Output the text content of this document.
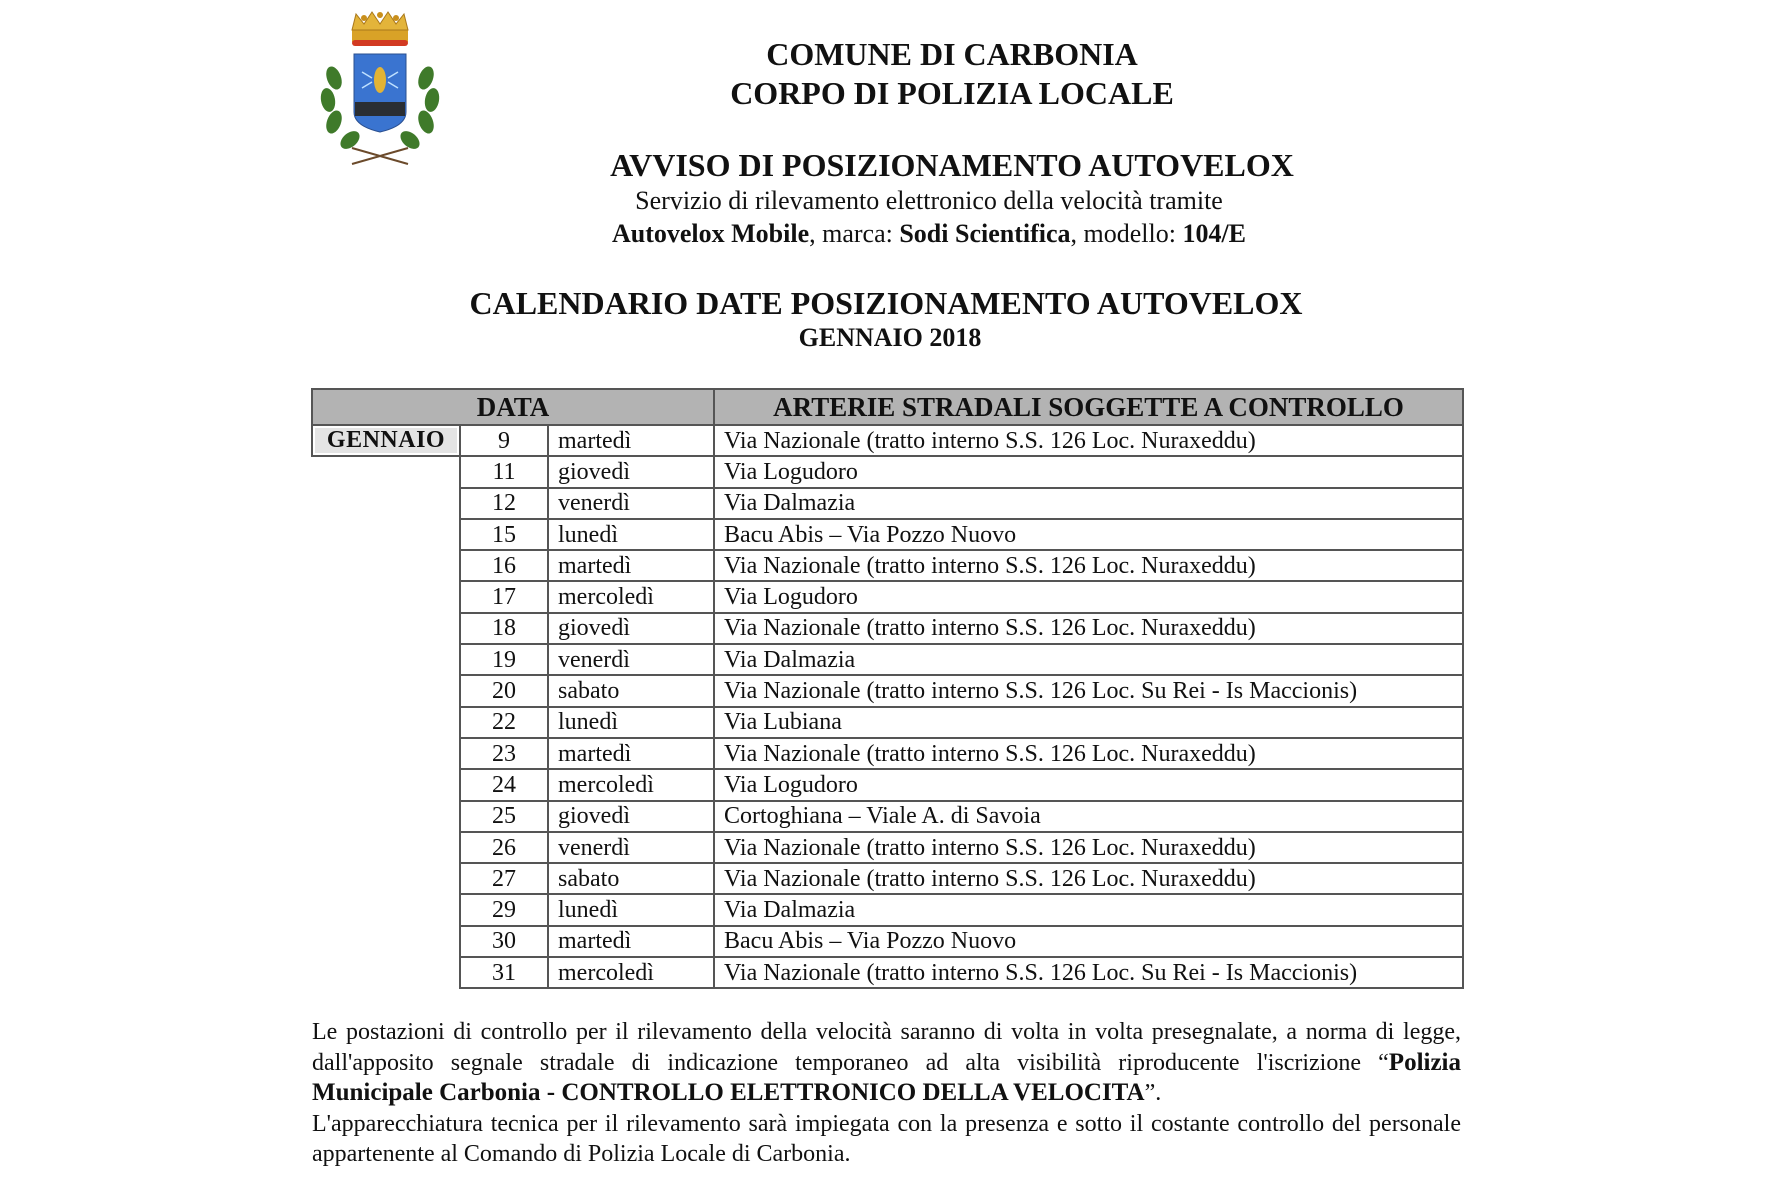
COMUNE DI CARBONIA
CORPO DI POLIZIA LOCALE
AVVISO DI POSIZIONAMENTO AUTOVELOX
Servizio di rilevamento elettronico della velocità tramite
Autovelox Mobile, marca: Sodi Scientifica, modello: 104/E
CALENDARIO DATE POSIZIONAMENTO AUTOVELOX
GENNAIO 2018
DATA			ARTERIE STRADALI SOGGETTE A CONTROLLO

GENNAIO	9	martedì	Via Nazionale (tratto interno S.S. 126 Loc. Nuraxeddu)
	11	giovedì	Via Logudoro
	12	venerdì	Via Dalmazia
	15	lunedì	Bacu Abis – Via Pozzo Nuovo
	16	martedì	Via Nazionale (tratto interno S.S. 126 Loc. Nuraxeddu)
	17	mercoledì	Via Logudoro
	18	giovedì	Via Nazionale (tratto interno S.S. 126 Loc. Nuraxeddu)
	19	venerdì	Via Dalmazia
	20	sabato	Via Nazionale (tratto interno S.S. 126 Loc. Su Rei - Is Maccionis)
	22	lunedì	Via Lubiana
	23	martedì	Via Nazionale (tratto interno S.S. 126 Loc. Nuraxeddu)
	24	mercoledì	Via Logudoro
	25	giovedì	Cortoghiana – Viale A. di Savoia
	26	venerdì	Via Nazionale (tratto interno S.S. 126 Loc. Nuraxeddu)
	27	sabato	Via Nazionale (tratto interno S.S. 126 Loc. Nuraxeddu)
	29	lunedì	Via Dalmazia
	30	martedì	Bacu Abis – Via Pozzo Nuovo
	31	mercoledì	Via Nazionale (tratto interno S.S. 126 Loc. Su Rei - Is Maccionis)

Le postazioni di controllo per il rilevamento della velocità saranno di volta in volta presegnalate, a norma di legge, dall'apposito segnale stradale di indicazione temporaneo ad alta visibilità riproducente l'iscrizione “Polizia Municipale Carbonia - CONTROLLO ELETTRONICO DELLA VELOCITA”.

L'apparecchiatura tecnica per il rilevamento sarà impiegata con la presenza e sotto il costante controllo del personale appartenente al Comando di Polizia Locale di Carbonia.
